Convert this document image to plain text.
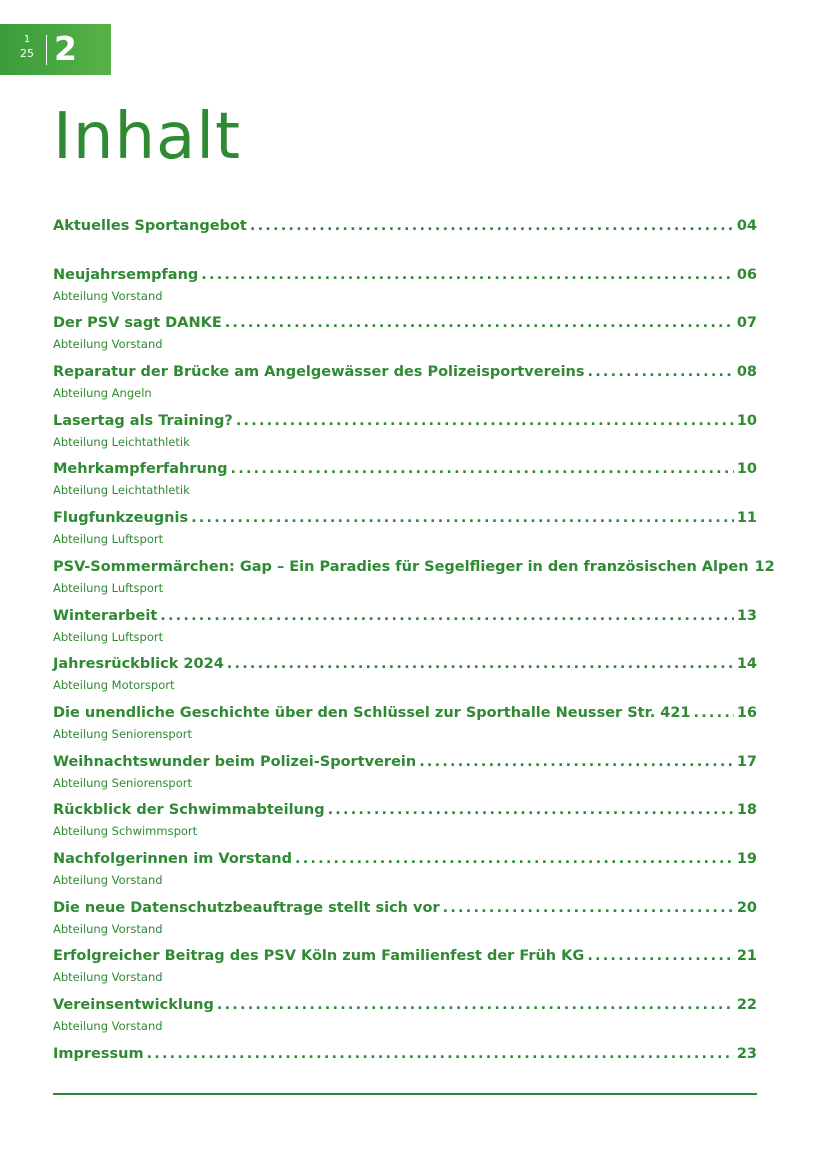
1
25 2
Inhalt
Aktuelles Sportangebot .....	04
Neujahrsempfang .....	06
Abteilung Vorstand
Der PSV sagt DANKE .....	07
Abteilung Vorstand
Reparatur der Brücke am Angelgewässer des Polizeisportvereins .....	08
Abteilung Angeln
Lasertag als Training? .....	10
Abteilung Leichtathletik
Mehrkampferfahrung .....	10
Abteilung Leichtathletik
Flugfunkzeugnis .....	11
Abteilung Luftsport
PSV-Sommermärchen: Gap – Ein Paradies für Segelflieger in den französischen Alpen 12
Abteilung Luftsport
Winterarbeit .....	13
Abteilung Luftsport
Jahresrückblick 2024 .....	14
Abteilung Motorsport
Die unendliche Geschichte über den Schlüssel zur Sporthalle Neusser Str. 421 .....	16
Abteilung Seniorensport
Weihnachtswunder beim Polizei-Sportverein .....	17
Abteilung Seniorensport
Rückblick der Schwimmabteilung .....	18
Abteilung Schwimmsport
Nachfolgerinnen im Vorstand .....	19
Abteilung Vorstand
Die neue Datenschutzbeauftrage stellt sich vor .....	20
Abteilung Vorstand
Erfolgreicher Beitrag des PSV Köln zum Familienfest der Früh KG .....	21
Abteilung Vorstand
Vereinsentwicklung .....	22
Abteilung Vorstand
Impressum .....	23
